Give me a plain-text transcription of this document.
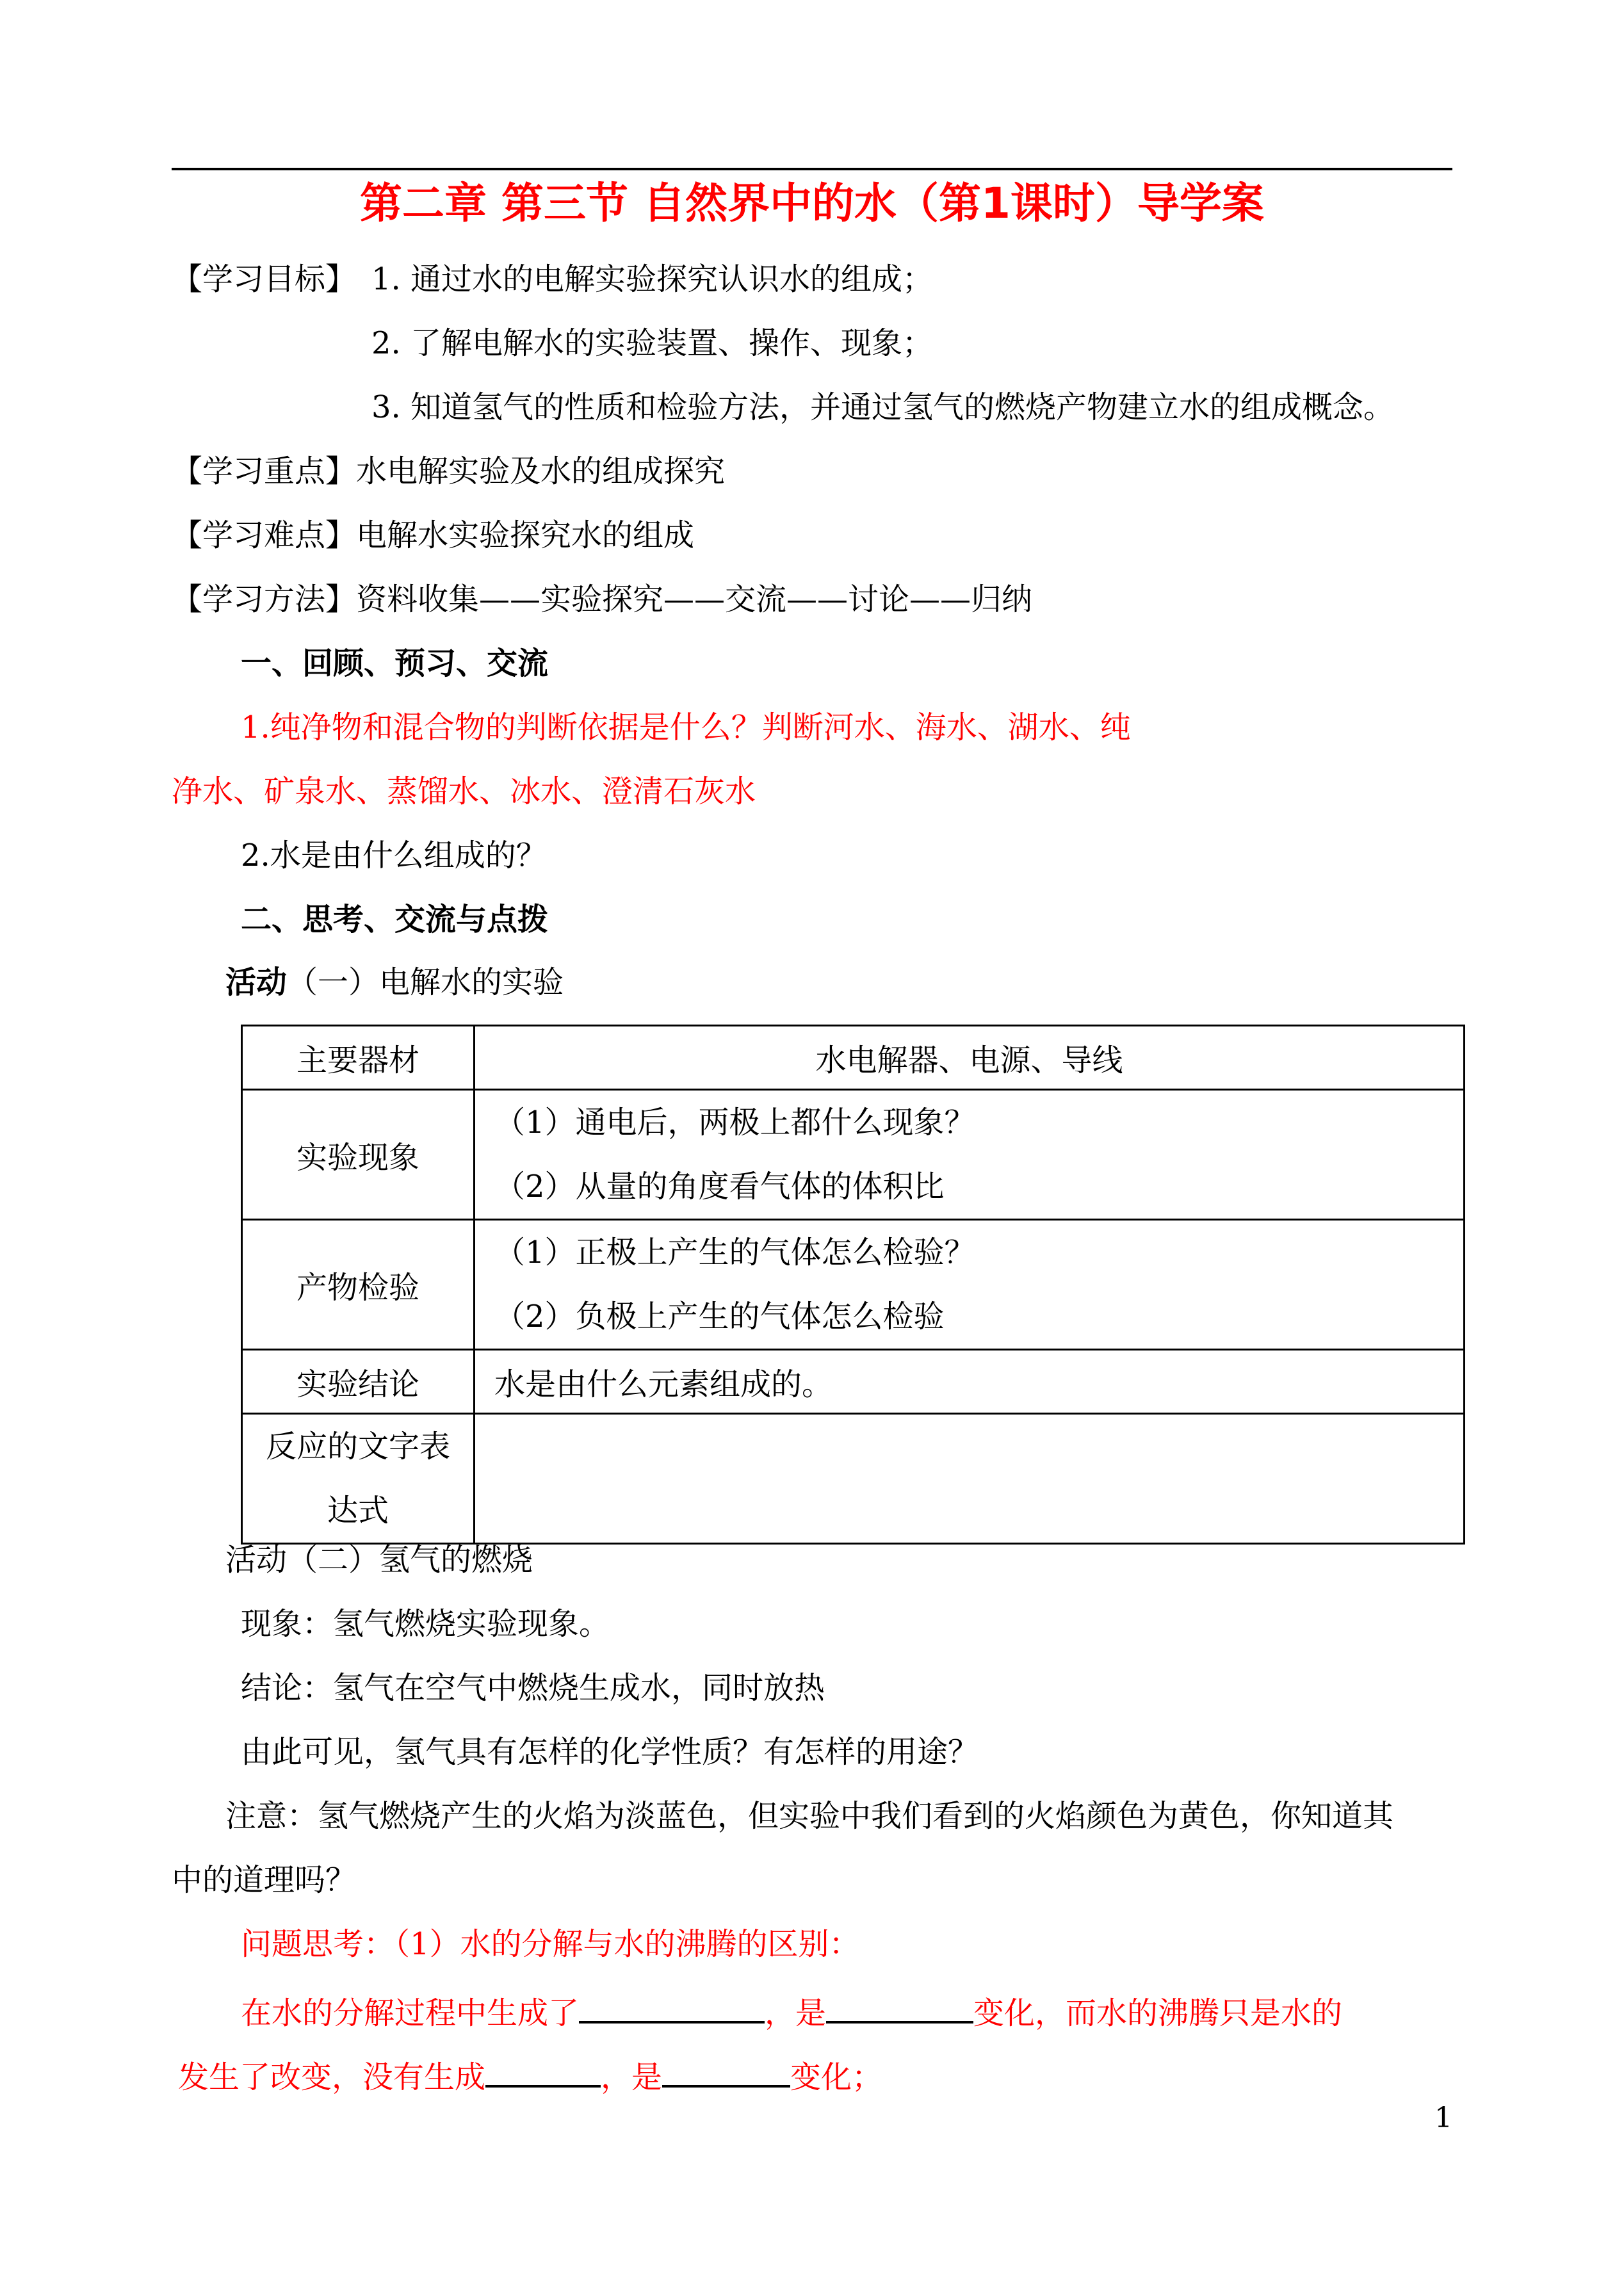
第二章 第三节 自然界中的水（第1课时）导学案
【学习目标】 1. 通过水的电解实验探究认识水的组成；
2. 了解电解水的实验装置、操作、现象；
3. 知道氢气的性质和检验方法，并通过氢气的燃烧产物建立水的组成概念。
【学习重点】水电解实验及水的组成探究
【学习难点】电解水实验探究水的组成
【学习方法】资料收集——实验探究——交流——讨论——归纳
一、回顾、预习、交流
1.纯净物和混合物的判断依据是什么？判断河水、海水、湖水、纯
净水、矿泉水、蒸馏水、冰水、澄清石灰水
2.水是由什么组成的？
二、思考、交流与点拨
活动（一）电解水的实验
主要器材	水电解器、电源、导线
实验现象	（1）通电后，两极上都什么现象？
（2）从量的角度看气体的体积比

产物检验	（1）正极上产生的气体怎么检验？
（2）负极上产生的气体怎么检验

实验结论	水是由什么元素组成的。

反应的文字表
达式	

活动（二）氢气的燃烧
现象：氢气燃烧实验现象。
结论：氢气在空气中燃烧生成水，同时放热
由此可见，氢气具有怎样的化学性质？有怎样的用途？
注意：氢气燃烧产生的火焰为淡蓝色，但实验中我们看到的火焰颜色为黄色，你知道其
中的道理吗？
问题思考：（1）水的分解与水的沸腾的区别：
在水的分解过程中生成了	，是	变化，而水的沸腾只是水的
发生了改变，没有生成	，是	变化；
1
